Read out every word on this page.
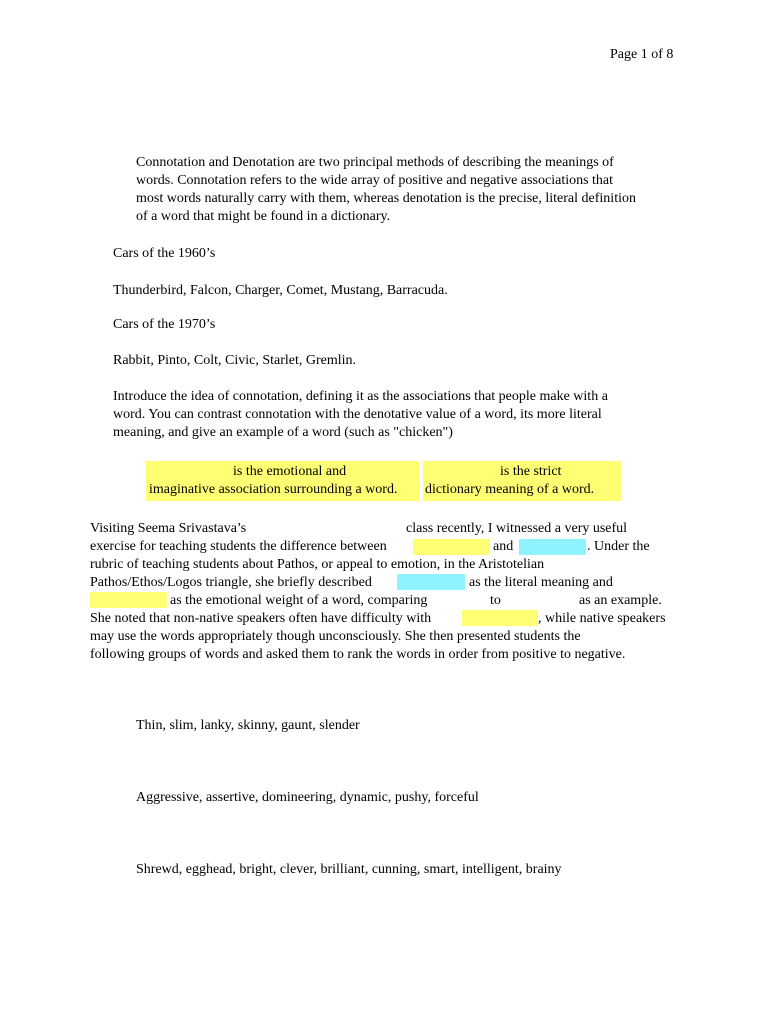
Page 1 of 8
Connotation and Denotation are two principal methods of describing the meanings of
words. Connotation refers to the wide array of positive and negative associations that
most words naturally carry with them, whereas denotation is the precise, literal definition
of a word that might be found in a dictionary.
Cars of the 1960’s
Thunderbird, Falcon, Charger, Comet, Mustang, Barracuda.
Cars of the 1970’s
Rabbit, Pinto, Colt, Civic, Starlet, Gremlin.
Introduce the idea of connotation, defining it as the associations that people make with a
word. You can contrast connotation with the denotative value of a word, its more literal
meaning, and give an example of a word (such as "chicken")
is the emotional and
imaginative association surrounding a word.
is the strict
dictionary meaning of a word.
Visiting Seema Srivastava’s	class recently, I witnessed a very useful
exercise for teaching students the difference between	and	. Under the
rubric of teaching students about Pathos, or appeal to emotion, in the Aristotelian
Pathos/Ethos/Logos triangle, she briefly described	as the literal meaning and
as the emotional weight of a word, comparing	to	as an example.
She noted that non-native speakers often have difficulty with	, while native speakers
may use the words appropriately though unconsciously. She then presented students the
following groups of words and asked them to rank the words in order from positive to negative.
Thin, slim, lanky, skinny, gaunt, slender
Aggressive, assertive, domineering, dynamic, pushy, forceful
Shrewd, egghead, bright, clever, brilliant, cunning, smart, intelligent, brainy
